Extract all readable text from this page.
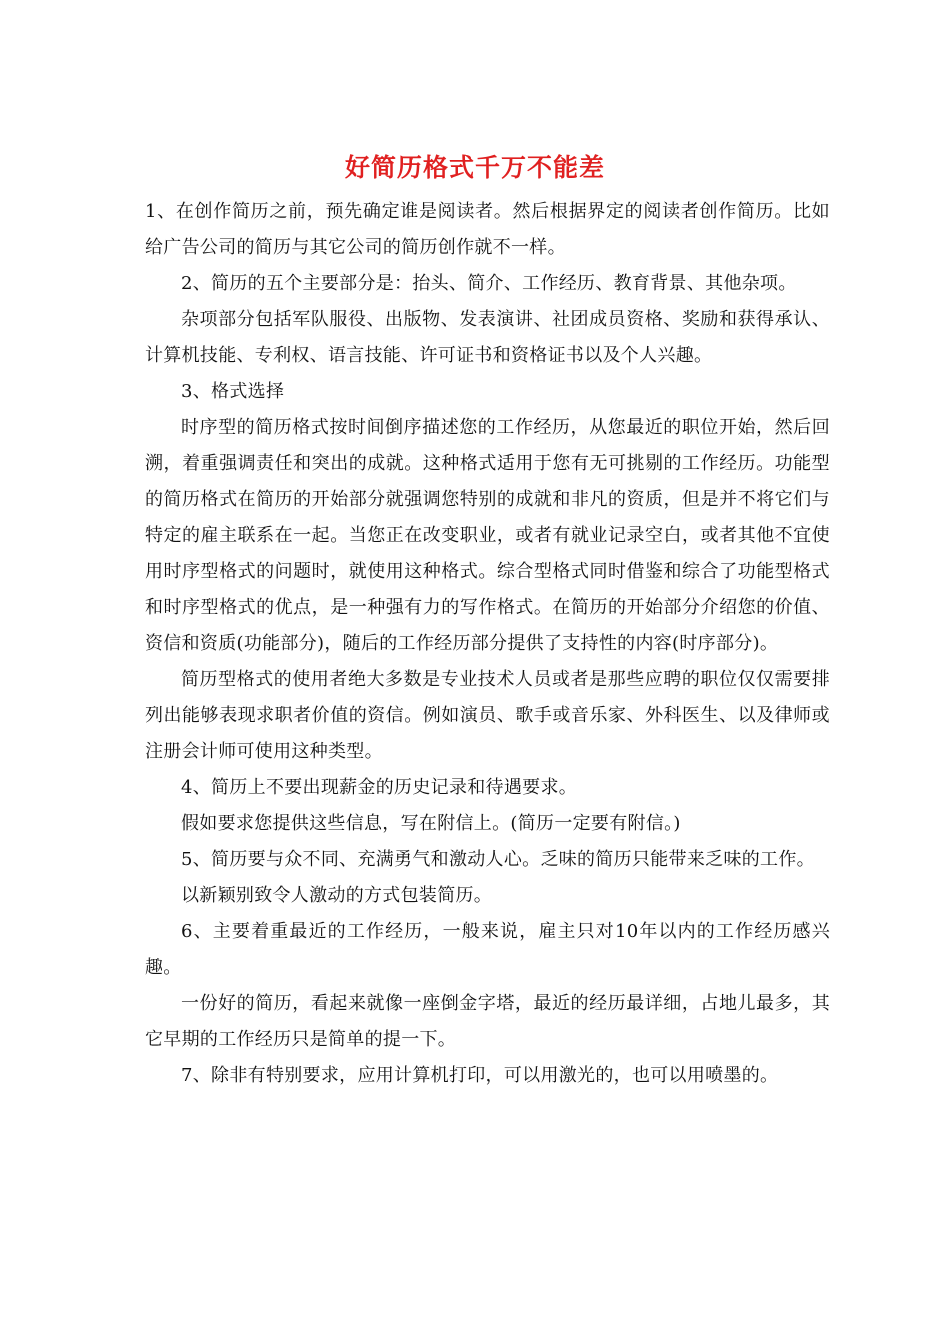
好简历格式千万不能差

1、在创作简历之前，预先确定谁是阅读者。然后根据界定的阅读者创作简历。比如给广告公司的简历与其它公司的简历创作就不一样。

2、简历的五个主要部分是：抬头、简介、工作经历、教育背景、其他杂项。

杂项部分包括军队服役、出版物、发表演讲、社团成员资格、奖励和获得承认、计算机技能、专利权、语言技能、许可证书和资格证书以及个人兴趣。

3、格式选择

时序型的简历格式按时间倒序描述您的工作经历，从您最近的职位开始，然后回溯，着重强调责任和突出的成就。这种格式适用于您有无可挑剔的工作经历。功能型的简历格式在简历的开始部分就强调您特别的成就和非凡的资质，但是并不将它们与特定的雇主联系在一起。当您正在改变职业，或者有就业记录空白，或者其他不宜使用时序型格式的问题时，就使用这种格式。综合型格式同时借鉴和综合了功能型格式和时序型格式的优点，是一种强有力的写作格式。在简历的开始部分介绍您的价值、资信和资质(功能部分)，随后的工作经历部分提供了支持性的内容(时序部分)。

简历型格式的使用者绝大多数是专业技术人员或者是那些应聘的职位仅仅需要排列出能够表现求职者价值的资信。例如演员、歌手或音乐家、外科医生、以及律师或注册会计师可使用这种类型。

4、简历上不要出现薪金的历史记录和待遇要求。

假如要求您提供这些信息，写在附信上。(简历一定要有附信。)

5、简历要与众不同、充满勇气和激动人心。乏味的简历只能带来乏味的工作。

以新颖别致令人激动的方式包装简历。

6、主要着重最近的工作经历，一般来说，雇主只对10年以内的工作经历感兴趣。

一份好的简历，看起来就像一座倒金字塔，最近的经历最详细，占地儿最多，其它早期的工作经历只是简单的提一下。

7、除非有特别要求，应用计算机打印，可以用激光的，也可以用喷墨的。
